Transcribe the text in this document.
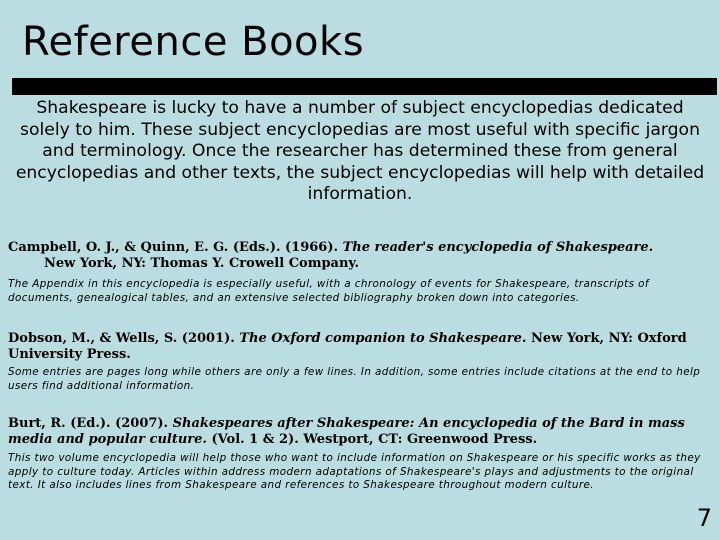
Reference Books
Shakespeare is lucky to have a number of subject encyclopedias dedicated solely to him. These subject encyclopedias are most useful with specific jargon and terminology. Once the researcher has determined these from general encyclopedias and other texts, the subject encyclopedias will help with detailed information.
Campbell, O. J., & Quinn, E. G. (Eds.). (1966). The reader's encyclopedia of Shakespeare.
New York, NY: Thomas Y. Crowell Company.
The Appendix in this encyclopedia is especially useful, with a chronology of events for Shakespeare, transcripts of documents, genealogical tables, and an extensive selected bibliography broken down into categories.
Dobson, M., & Wells, S. (2001). The Oxford companion to Shakespeare. New York, NY: Oxford University Press.
Some entries are pages long while others are only a few lines. In addition, some entries include citations at the end to help users find additional information.
Burt, R. (Ed.). (2007). Shakespeares after Shakespeare: An encyclopedia of the Bard in mass media and popular culture. (Vol. 1 & 2). Westport, CT: Greenwood Press.
This two volume encyclopedia will help those who want to include information on Shakespeare or his specific works as they apply to culture today. Articles within address modern adaptations of Shakespeare's plays and adjustments to the original text. It also includes lines from Shakespeare and references to Shakespeare throughout modern culture.
7
